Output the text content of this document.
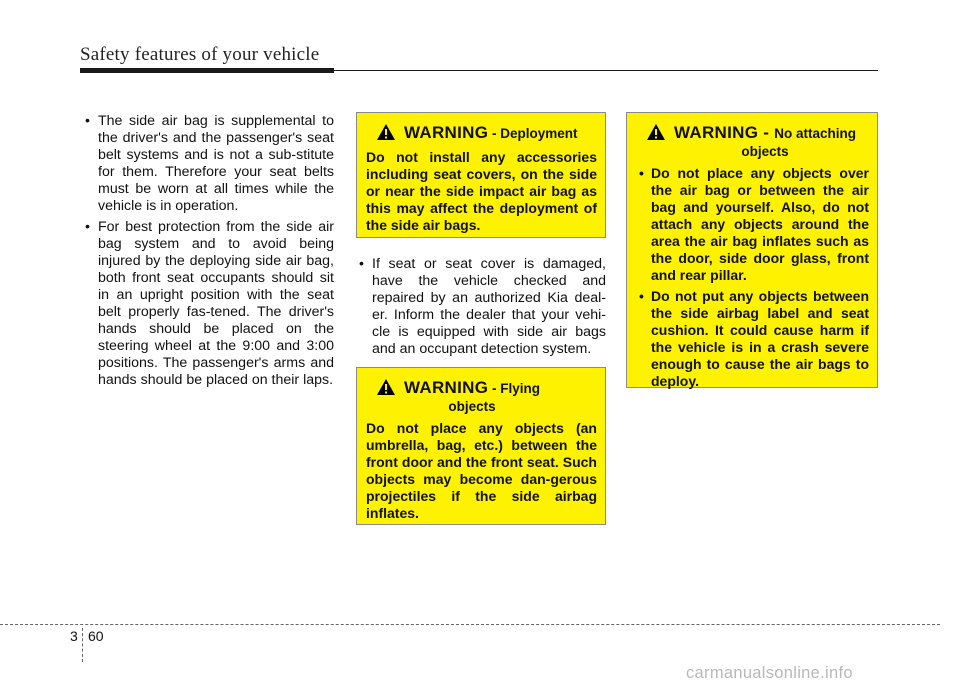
Safety features of your vehicle
• The side air bag is supplemental to the driver's and the passenger's seat belt systems and is not a sub-stitute for them. Therefore your seat belts must be worn at all times while the vehicle is in operation.
• For best protection from the side air bag system and to avoid being injured by the deploying side air bag, both front seat occupants should sit in an upright position with the seat belt properly fas-tened. The driver's hands should be placed on the steering wheel at the 9:00 and 3:00 positions. The passenger's arms and hands should be placed on their laps.
WARNING - Deployment
Do not install any accessories including seat covers, on the side or near the side impact air bag as this may affect the deployment of the side air bags.
• If seat or seat cover is damaged, have the vehicle checked and repaired by an authorized Kia deal-er. Inform the dealer that your vehi-cle is equipped with side air bags and an occupant detection system.
WARNING - Flying
objects
Do not place any objects (an umbrella, bag, etc.) between the front door and the front seat. Such objects may become dan-gerous projectiles if the side airbag inflates.
WARNING - No attaching
objects
• Do not place any objects over the air bag or between the air bag and yourself. Also, do not attach any objects around the area the air bag inflates such as the door, side door glass, front and rear pillar.
• Do not put any objects between the side airbag label and seat cushion. It could cause harm if the vehicle is in a crash severe enough to cause the air bags to deploy.
3 60
carmanualsonline.info
